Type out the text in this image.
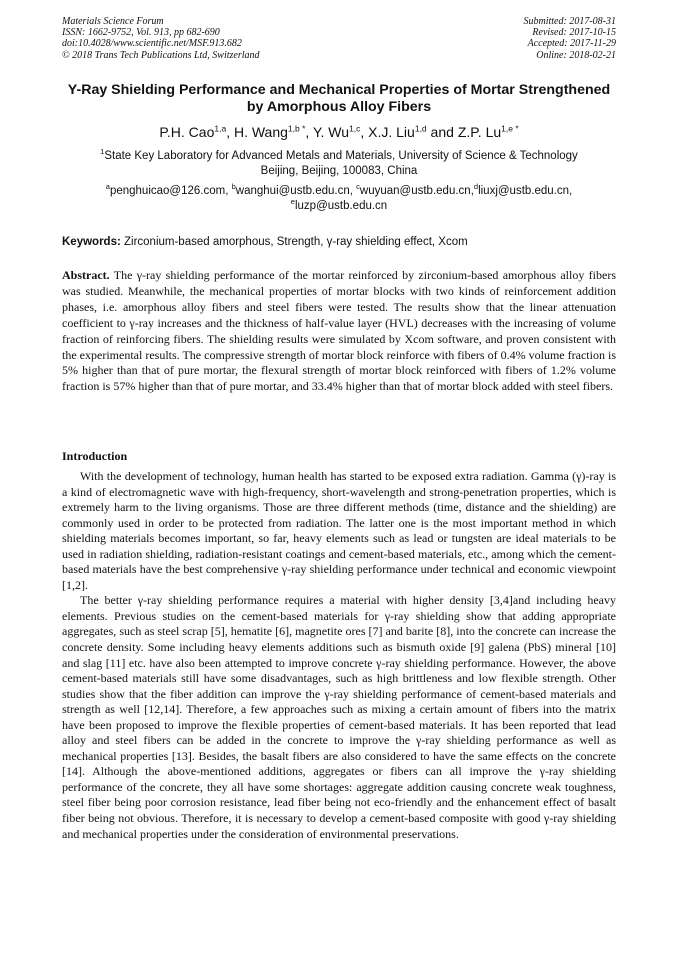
Materials Science Forum
ISSN: 1662-9752, Vol. 913, pp 682-690
doi:10.4028/www.scientific.net/MSF.913.682
© 2018 Trans Tech Publications Ltd, Switzerland
Submitted: 2017-08-31
Revised: 2017-10-15
Accepted: 2017-11-29
Online: 2018-02-21
Y-Ray Shielding Performance and Mechanical Properties of Mortar Strengthened by Amorphous Alloy Fibers
P.H. Cao$^{1,a}$, H. Wang$^{1,b *}$, Y. Wu$^{1,c}$, X.J. Liu$^{1,d}$ and Z.P. $Lu^{1,e *}$
$^1$State Key Laboratory for Advanced Metals and Materials, University of Science & Technology
Beijing, Beijing, 100083, China
$^a$penghuicao@126.com, $^b$wanghui@ustb.edu.cn, $^c$wuyuan@ustb.edu.cn,$^d$liuxj@ustb.edu.cn,
$^e$luzp@ustb.edu.cn
Keywords: Zirconium-based amorphous, Strength, γ-ray shielding effect, Xcom
Abstract. The γ-ray shielding performance of the mortar reinforced by zirconium-based amorphous alloy fibers was studied. Meanwhile, the mechanical properties of mortar blocks with two kinds of reinforcement addition phases, i.e. amorphous alloy fibers and steel fibers were tested. The results show that the linear attenuation coefficient to γ-ray increases and the thickness of half-value layer (HVL) decreases with the increasing of volume fraction of reinforcing fibers. The shielding results were simulated by Xcom software, and proven consistent with the experimental results. The compressive strength of mortar block reinforce with fibers of 0.4% volume fraction is 5% higher than that of pure mortar, the flexural strength of mortar block reinforced with fibers of 1.2% volume fraction is 57% higher than that of pure mortar, and 33.4% higher than that of mortar block added with steel fibers.
Introduction

With the development of technology, human health has started to be exposed extra radiation. Gamma (γ)-ray is a kind of electromagnetic wave with high-frequency, short-wavelength and strong-penetration properties, which is extremely harm to the living organisms. Those are three different methods (time, distance and the shielding) are commonly used in order to be protected from radiation. The latter one is the most important method in which shielding materials becomes important, so far, heavy elements such as lead or tungsten are ideal materials to be used in radiation shielding, radiation-resistant coatings and cement-based materials, etc., among which the cement-based materials have the best comprehensive γ-ray shielding performance under technical and economic viewpoint [1,2].

The better γ-ray shielding performance requires a material with higher density [3,4]and including heavy elements. Previous studies on the cement-based materials for γ-ray shielding show that adding appropriate aggregates, such as steel scrap [5], hematite [6], magnetite ores [7] and barite [8], into the concrete can increase the concrete density. Some including heavy elements additions such as bismuth oxide [9] galena (PbS) mineral [10] and slag [11] etc. have also been attempted to improve concrete γ-ray shielding performance. However, the above cement-based materials still have some disadvantages, such as high brittleness and low flexible strength. Other studies show that the fiber addition can improve the γ-ray shielding performance of cement-based materials and strength as well [12,14]. Therefore, a few approaches such as mixing a certain amount of fibers into the matrix have been proposed to improve the flexible properties of cement-based materials. It has been reported that lead alloy and steel fibers can be added in the concrete to improve the γ-ray shielding performance as well as mechanical properties [13]. Besides, the basalt fibers are also considered to have the same effects on the concrete [14]. Although the above-mentioned additions, aggregates or fibers can all improve the γ-ray shielding performance of the concrete, they all have some shortages: aggregate addition causing concrete weak toughness, steel fiber being poor corrosion resistance, lead fiber being not eco-friendly and the enhancement effect of basalt fiber being not obvious. Therefore, it is necessary to develop a cement-based composite with good γ-ray shielding and mechanical properties under the consideration of environmental preservations.
